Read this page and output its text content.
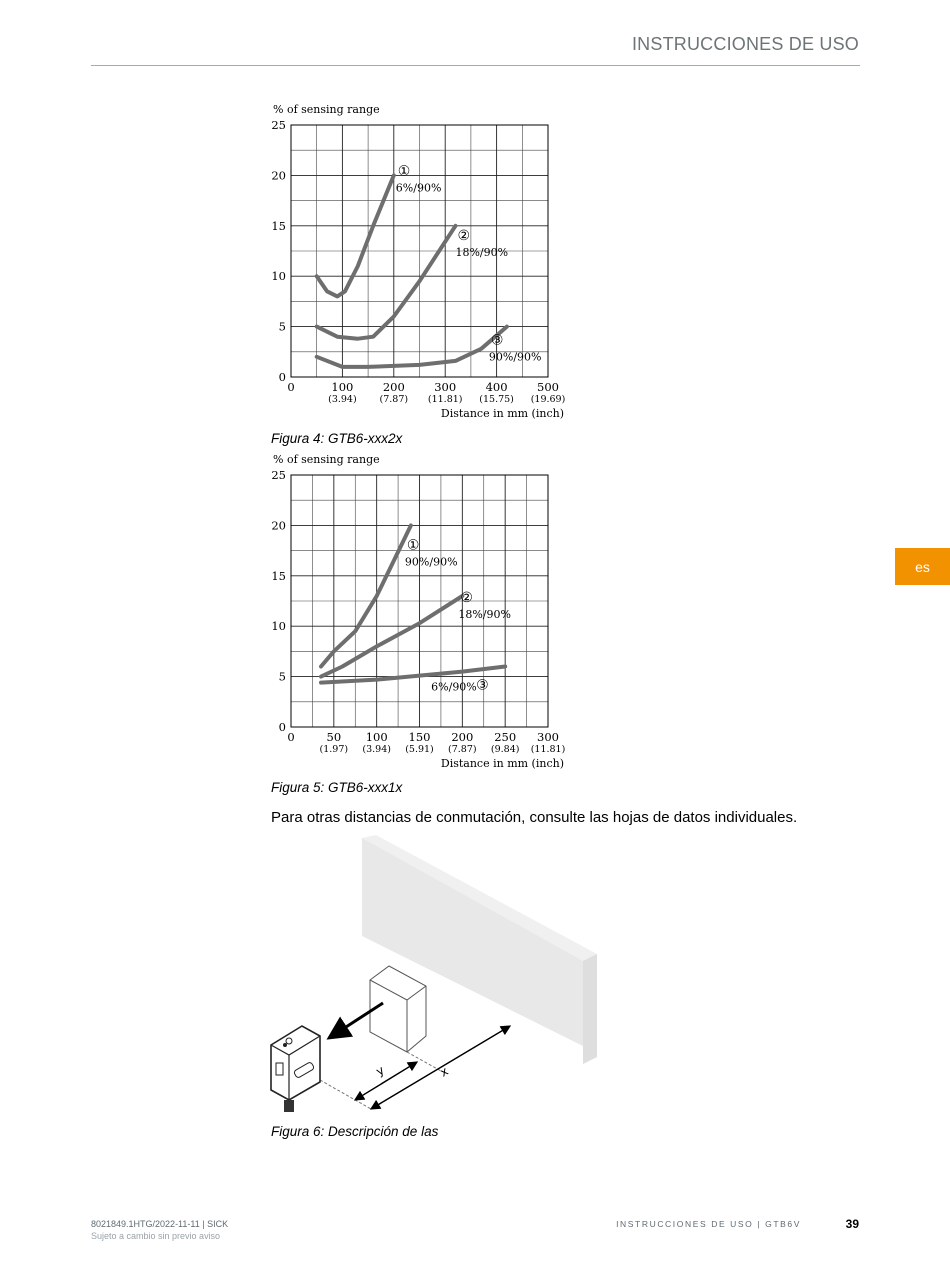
INSTRUCCIONES DE USO
es
0
5
10
15
20
25
0	100
(3.94)
200
(7.87)
300
(11.81)
400
(15.75)
500
(19.69)
% of sensing range
Distance in mm (inch)
①
6%/90%
②
18%/90%
③
90%/90%
Figura 4: GTB6-xxx2x
0
5
10
15
20
25
0	50
(1.97)
100
(3.94)
150
(5.91)
200
(7.87)
250
(9.84)
300
(11.81)
% of sensing range
Distance in mm (inch)
①
90%/90%
②
18%/90%
6%/90% ③
Figura 5: GTB6-xxx1x
Para otras distancias de conmutación, consulte las hojas de datos individuales.
y	x
Figura 6: Descripción de las
8021849.1HTG/2022-11-11 | SICK
Sujeto a cambio sin previo aviso
INSTRUCCIONES DE USO | GTB6V	39
